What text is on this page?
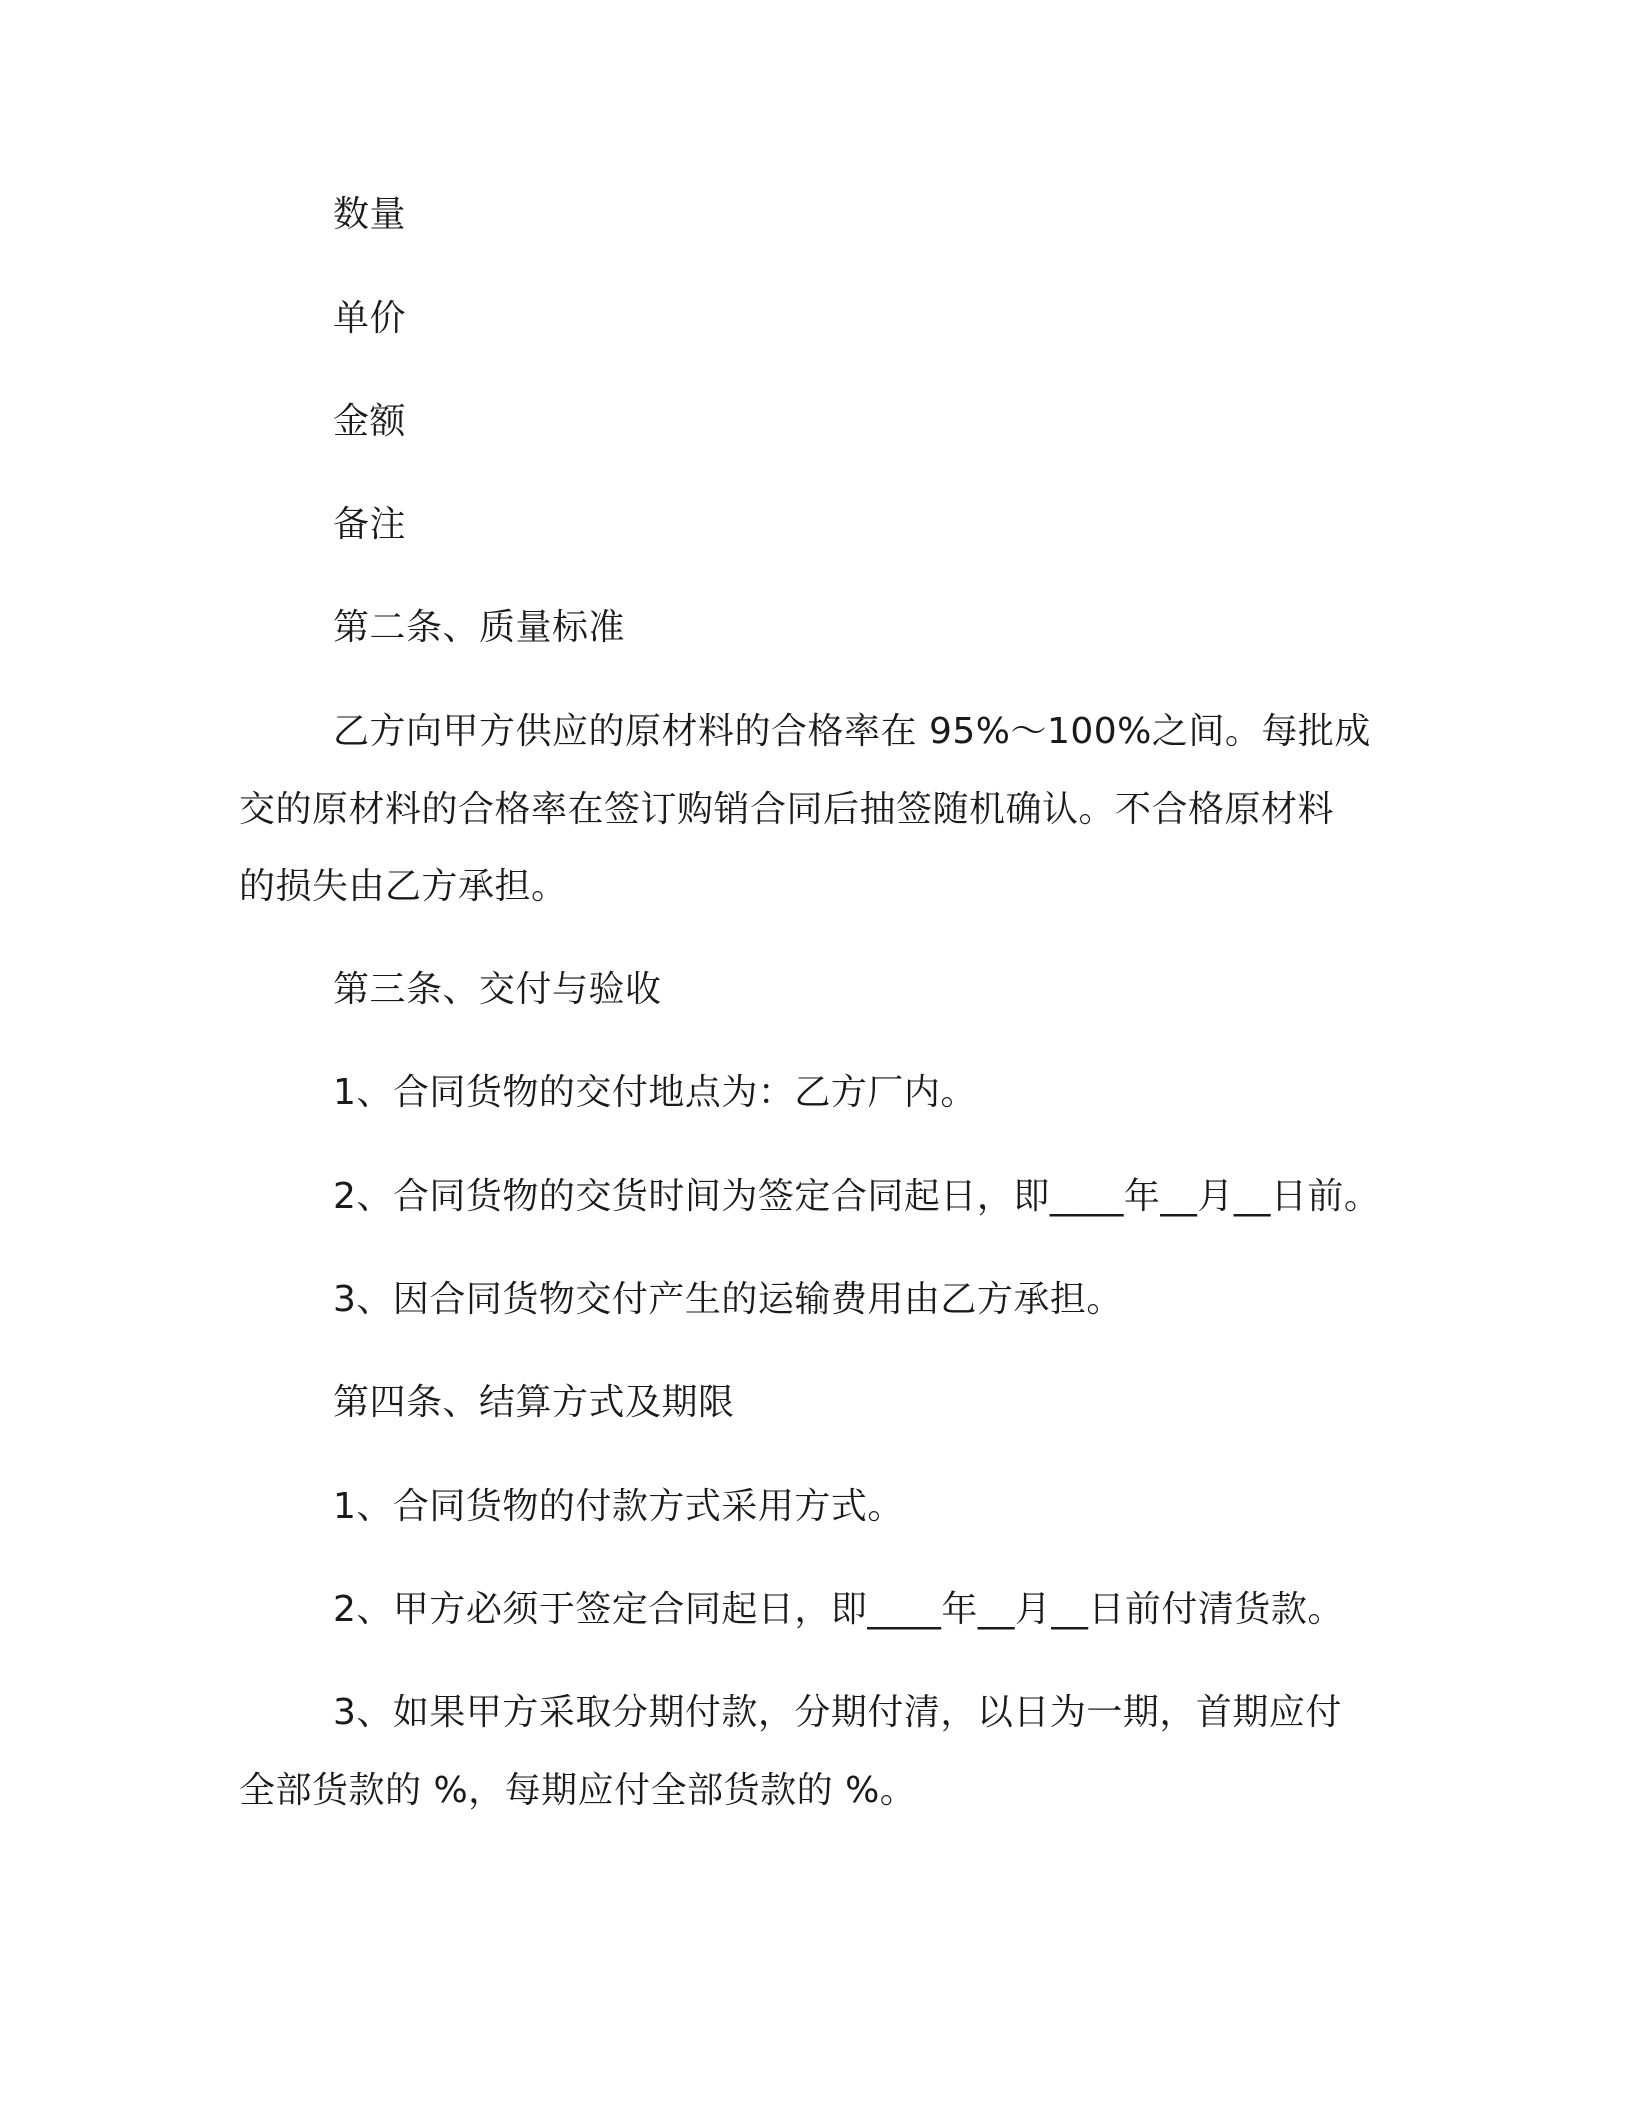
数量
单价
金额
备注
第二条、质量标准
乙方向甲方供应的原材料的合格率在 95%～100%之间。每批成
交的原材料的合格率在签订购销合同后抽签随机确认。不合格原材料
的损失由乙方承担。
第三条、交付与验收
1、合同货物的交付地点为：乙方厂内。
2、合同货物的交货时间为签定合同起日，即____年__月__日前。
3、因合同货物交付产生的运输费用由乙方承担。
第四条、结算方式及期限
1、合同货物的付款方式采用方式。
2、甲方必须于签定合同起日，即____年__月__日前付清货款。
3、如果甲方采取分期付款，分期付清，以日为一期，首期应付
全部货款的 %，每期应付全部货款的 %。
